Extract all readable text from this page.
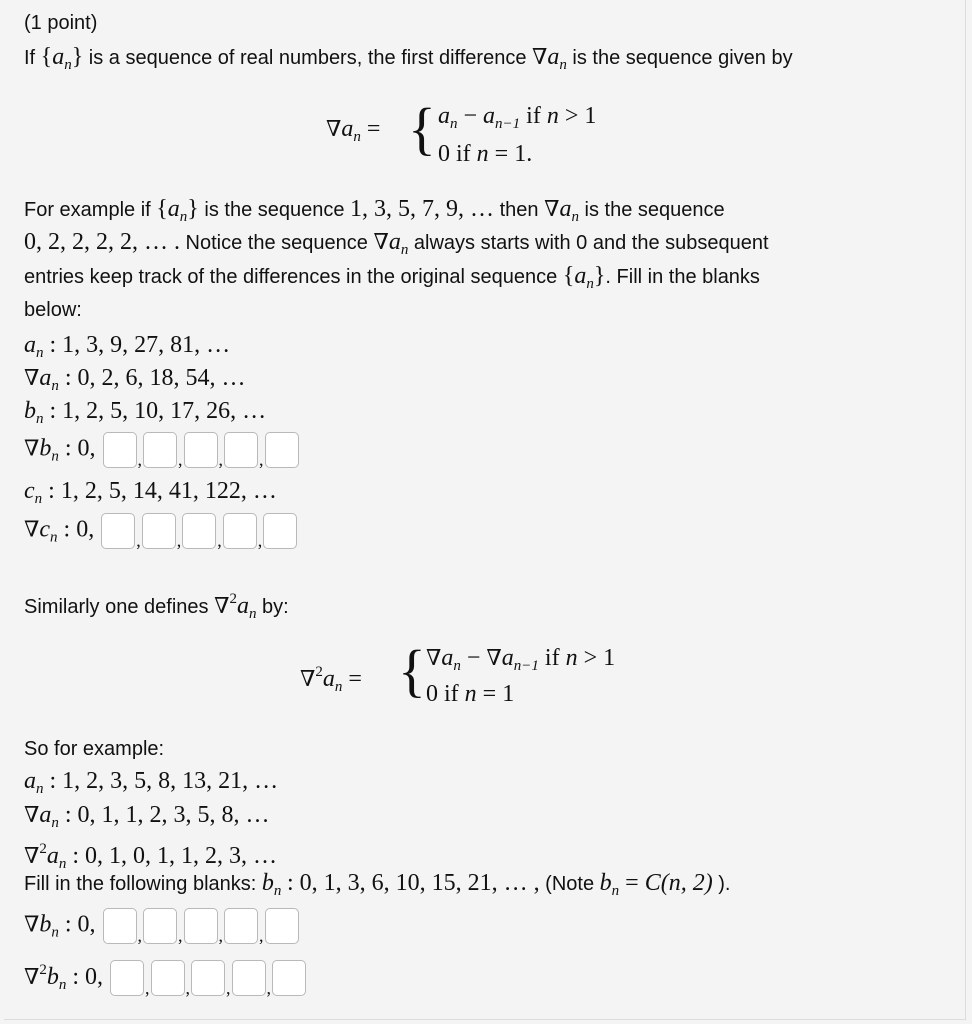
(1 point)
If $\{a_n\}$ is a sequence of real numbers, the first difference $\nabla a_n$ is the sequence given by
$\nabla a_n$ = { $a_n - a_{n-1}$ if n > 1
0 if n = 1.
For example if $\{a_n\}$ is the sequence 1, 3, 5, 7, 9, … then $\nabla a_n$ is the sequence
0, 2, 2, 2, 2, … . Notice the sequence $\nabla a_n$ always starts with 0 and the subsequent
entries keep track of the differences in the original sequence $\{a_n\}$. Fill in the blanks
below:
$a_n$ : 1, 3, 9, 27, 81, …
$\nabla a_n$ : 0, 2, 6, 18, 54, …
$b_n$ : 1, 2, 5, 10, 17, 26, …
$\nabla b_n$ : 0, $_,$ $_,$ $_,$ $_,$
$c_n$ : 1, 2, 5, 14, 41, 122, …
$\nabla c_n$ : 0, $_,$ $_,$ $_,$ $_,$
Similarly one defines $\nabla^2a_n$ by:
$\nabla^2a_n$ = { $\nabla a_n - \nabla a_{n-1}$ if n > 1
0 if n = 1
So for example:
$a_n$ : 1, 2, 3, 5, 8, 13, 21, …
$\nabla a_n$ : 0, 1, 1, 2, 3, 5, 8, …
$\nabla^2a_n$ : 0, 1, 0, 1, 1, 2, 3, …
Fill in the following blanks: $b_n$ : 0, 1, 3, 6, 10, 15, 21, … , (Note $b_n = C(n$, 2) ).
$\nabla b_n$ : 0, $_,$ $_,$ $_,$ $_,$
$\nabla^2b_n$ : 0, $_,$ $_,$ $_,$ $_,$
